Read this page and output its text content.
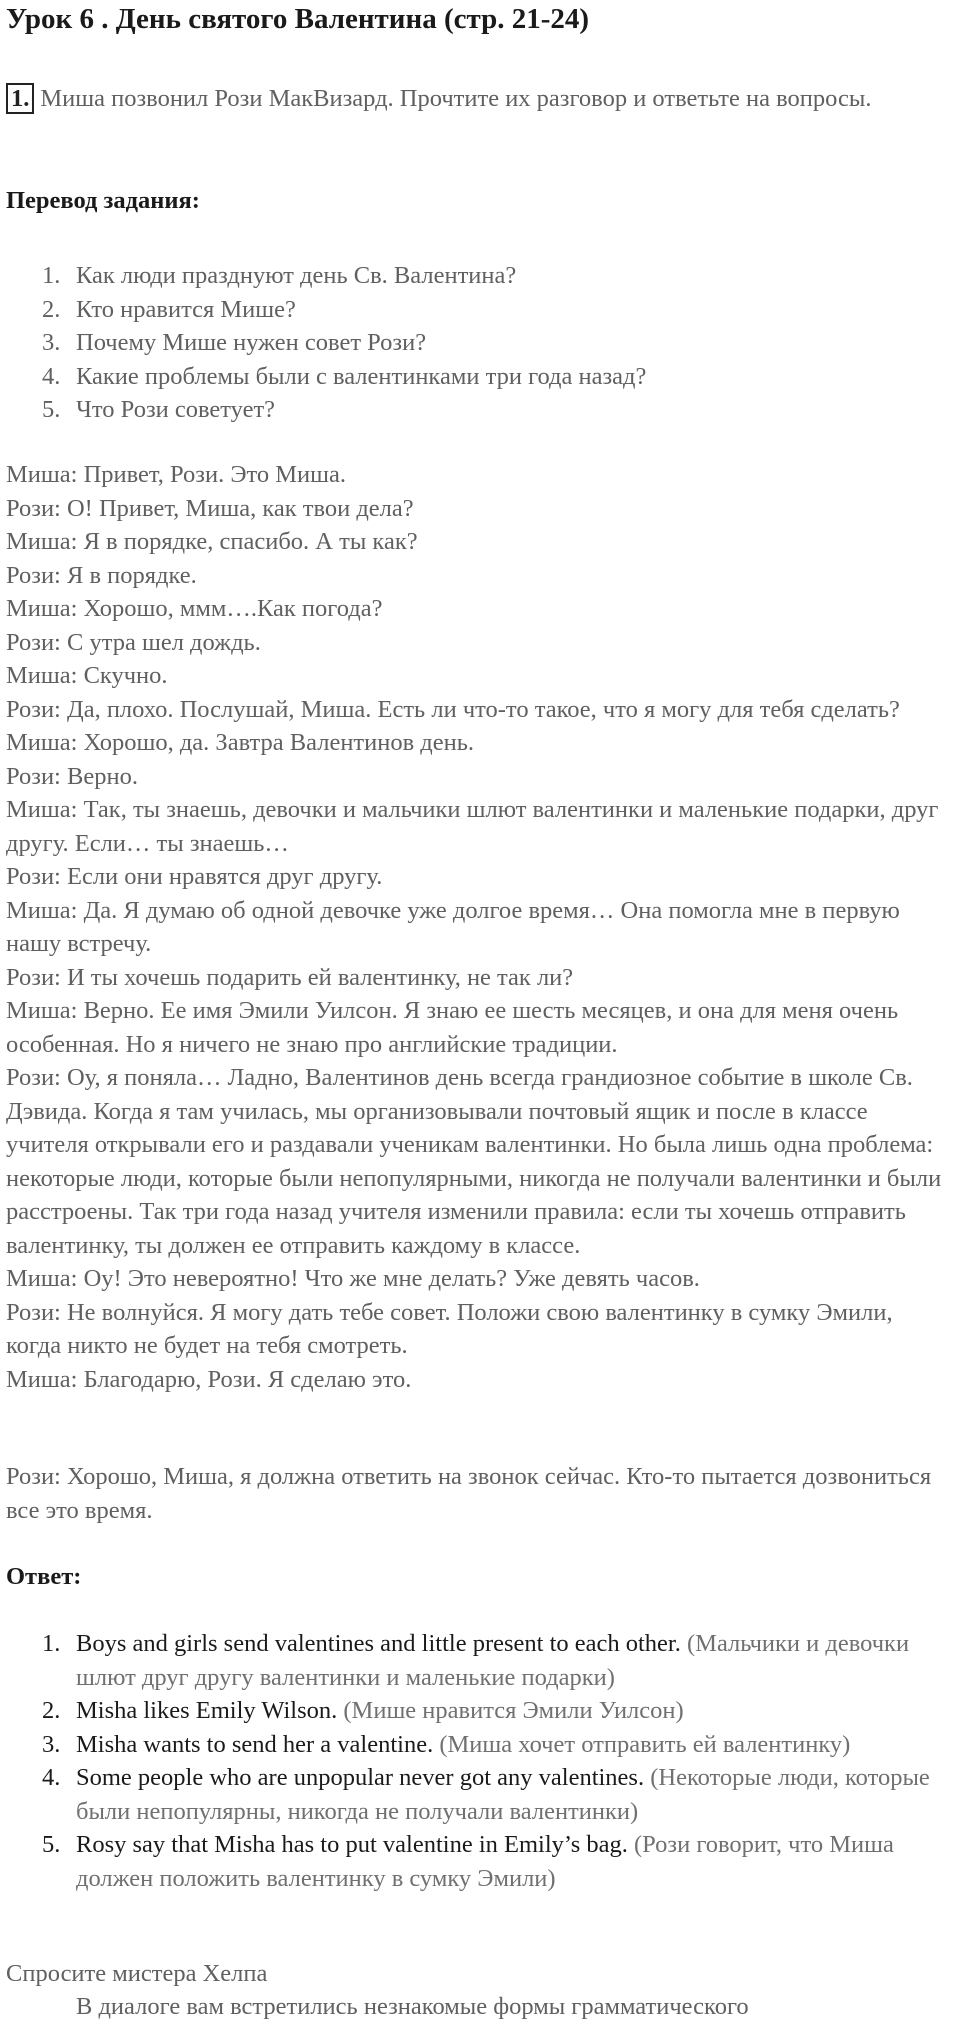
Урок 6 . День святого Валентина (стр. 21-24)
1. Миша позвонил Рози МакВизард. Прочтите их разговор и ответьте на вопросы.
Перевод задания:
1. Как люди празднуют день Св. Валентина?
2. Кто нравится Мише?
3. Почему Мише нужен совет Рози?
4. Какие проблемы были с валентинками три года назад?
5. Что Рози советует?

Миша: Привет, Рози. Это Миша.

Рози: О! Привет, Миша, как твои дела?

Миша: Я в порядке, спасибо. А ты как?

Рози: Я в порядке.

Миша: Хорошо, ммм….Как погода?

Рози: С утра шел дождь.

Миша: Скучно.

Рози: Да, плохо. Послушай, Миша. Есть ли что-то такое, что я могу для тебя сделать?

Миша: Хорошо, да. Завтра Валентинов день.

Рози: Верно.

Миша: Так, ты знаешь, девочки и мальчики шлют валентинки и маленькие подарки, друг другу. Если… ты знаешь…

Рози: Если они нравятся друг другу.

Миша: Да. Я думаю об одной девочке уже долгое время… Она помогла мне в первую нашу встречу.

Рози: И ты хочешь подарить ей валентинку, не так ли?

Миша: Верно. Ее имя Эмили Уилсон. Я знаю ее шесть месяцев, и она для меня очень особенная. Но я ничего не знаю про английские традиции.

Рози: Оу, я поняла… Ладно, Валентинов день всегда грандиозное событие в школе Св. Дэвида. Когда я там училась, мы организовывали почтовый ящик и после в классе учителя открывали его и раздавали ученикам валентинки. Но была лишь одна проблема: некоторые люди, которые были непопулярными, никогда не получали валентинки и были расстроены. Так три года назад учителя изменили правила: если ты хочешь отправить валентинку, ты должен ее отправить каждому в классе.

Миша: Оу! Это невероятно! Что же мне делать? Уже девять часов.

Рози: Не волнуйся. Я могу дать тебе совет. Положи свою валентинку в сумку Эмили, когда никто не будет на тебя смотреть.

Миша: Благодарю, Рози. Я сделаю это.

Рози: Хорошо, Миша, я должна ответить на звонок сейчас. Кто-то пытается дозвониться все это время.
Ответ:
1. Boys and girls send valentines and little present to each other. (Мальчики и девочки шлют друг другу валентинки и маленькие подарки)
2. Misha likes Emily Wilson. (Мише нравится Эмили Уилсон)
3. Misha wants to send her a valentine. (Миша хочет отправить ей валентинку)
4. Some people who are unpopular never got any valentines. (Некоторые люди, которые были непопулярны, никогда не получали валентинки)
5. Rosy say that Misha has to put valentine in Emily’s bag. (Рози говорит, что Миша должен положить валентинку в сумку Эмили)
Спросите мистера Хелпа
В диалоге вам встретились незнакомые формы грамматического
